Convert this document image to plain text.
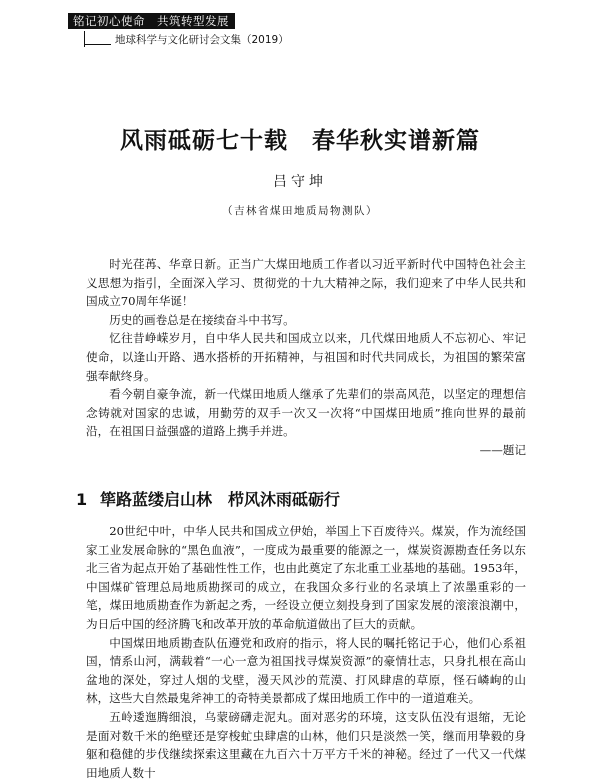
铭记初心使命　共筑转型发展
地球科学与文化研讨会文集（2019）
风雨砥砺七十载 春华秋实谱新篇
吕守坤
（吉林省煤田地质局物测队）

时光荏苒、华章日新。正当广大煤田地质工作者以习近平新时代中国特色社会主义思想为指引，全面深入学习、贯彻党的十九大精神之际，我们迎来了中华人民共和国成立70周年华诞！

历史的画卷总是在接续奋斗中书写。

忆往昔峥嵘岁月，自中华人民共和国成立以来，几代煤田地质人不忘初心、牢记使命，以逢山开路、遇水搭桥的开拓精神，与祖国和时代共同成长，为祖国的繁荣富强奉献终身。

看今朝自豪争流，新一代煤田地质人继承了先辈们的崇高风范，以坚定的理想信念铸就对国家的忠诚，用勤劳的双手一次又一次将“中国煤田地质”推向世界的最前沿，在祖国日益强盛的道路上携手并进。

——题记

1 筚路蓝缕启山林　栉风沐雨砥砺行

20世纪中叶，中华人民共和国成立伊始，举国上下百废待兴。煤炭，作为流经国家工业发展命脉的“黑色血液”，一度成为最重要的能源之一，煤炭资源勘查任务以东北三省为起点开始了基础性性工作，也由此奠定了东北重工业基地的基础。1953年，中国煤矿管理总局地质勘探司的成立，在我国众多行业的名录填上了浓墨重彩的一笔，煤田地质勘查作为新起之秀，一经设立便立刻投身到了国家发展的滚滚浪潮中，为日后中国的经济腾飞和改革开放的革命航道做出了巨大的贡献。

中国煤田地质勘查队伍遵党和政府的指示，将人民的嘱托铭记于心，他们心系祖国，情系山河，满载着“一心一意为祖国找寻煤炭资源”的豪情壮志，只身扎根在高山盆地的深处，穿过人烟的戈壁，漫天风沙的荒漠、打风肆虐的草原，怪石嶙峋的山林，这些大自然最鬼斧神工的奇特美景都成了煤田地质工作中的一道道难关。

五岭逶迤腾细浪，乌蒙磅礴走泥丸。面对恶劣的环境，这支队伍没有退缩，无论是面对数千米的绝壁还是穿梭虻虫肆虐的山林，他们只是淡然一笑，继而用挚毅的身躯和稳健的步伐继续探索这里藏在九百六十万平方千米的神秘。经过了一代又一代煤田地质人数十
